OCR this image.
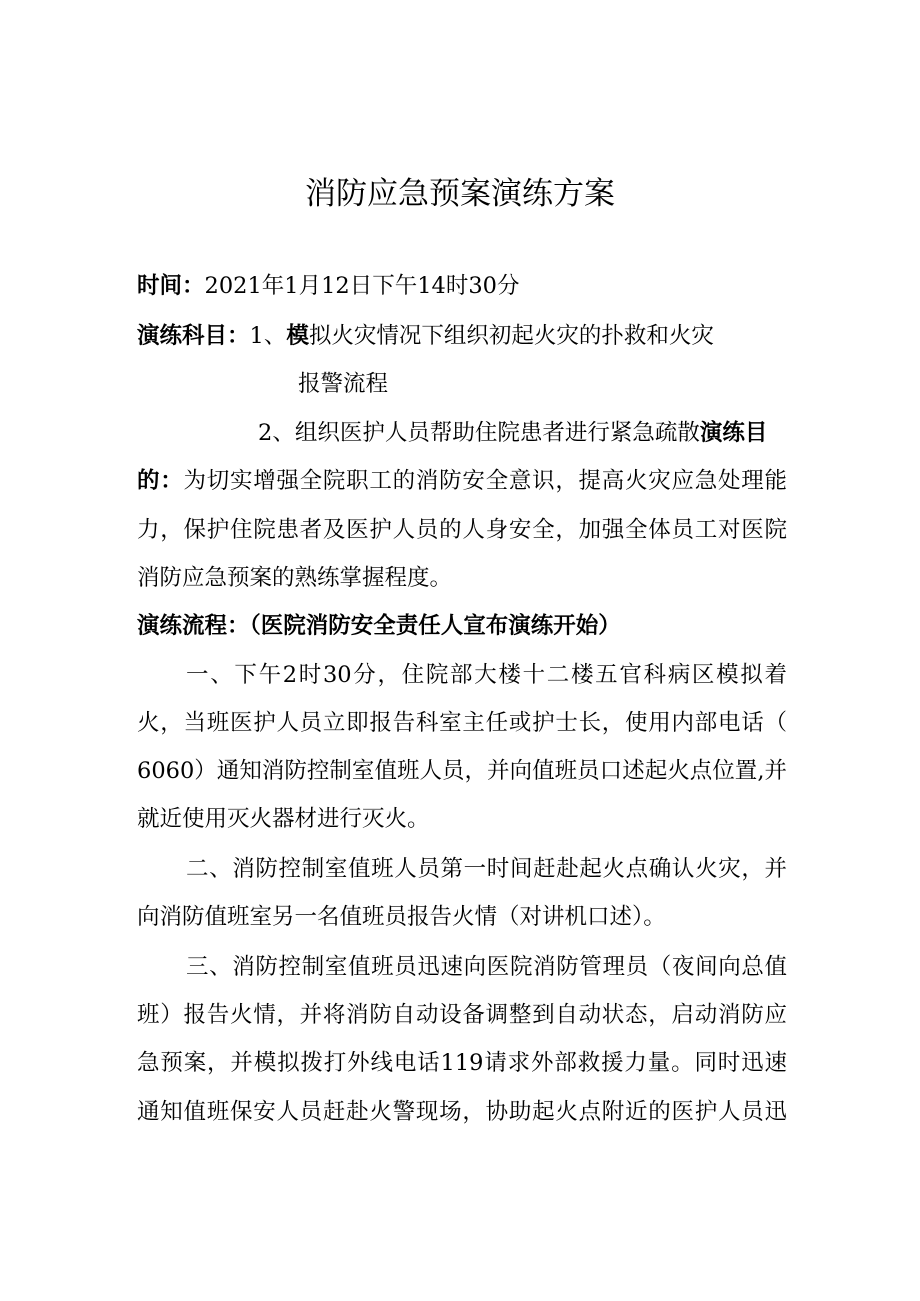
消防应急预案演练方案
时间：2021年1月12日下午14时30分
演练科目：1、模拟火灾情况下组织初起火灾的扑救和火灾
报警流程
2、组织医护人员帮助住院患者进行紧急疏散演练目
的：为切实增强全院职工的消防安全意识，提高火灾应急处理能
力，保护住院患者及医护人员的人身安全，加强全体员工对医院
消防应急预案的熟练掌握程度。
演练流程：（医院消防安全责任人宣布演练开始）
一、下午2时30分，住院部大楼十二楼五官科病区模拟着
火，当班医护人员立即报告科室主任或护士长，使用内部电话（
6060）通知消防控制室值班人员，并向值班员口述起火点位置,并
就近使用灭火器材进行灭火。
二、消防控制室值班人员第一时间赶赴起火点确认火灾，并
向消防值班室另一名值班员报告火情（对讲机口述）。
三、消防控制室值班员迅速向医院消防管理员（夜间向总值
班）报告火情，并将消防自动设备调整到自动状态，启动消防应
急预案，并模拟拨打外线电话119请求外部救援力量。同时迅速
通知值班保安人员赶赴火警现场，协助起火点附近的医护人员迅
